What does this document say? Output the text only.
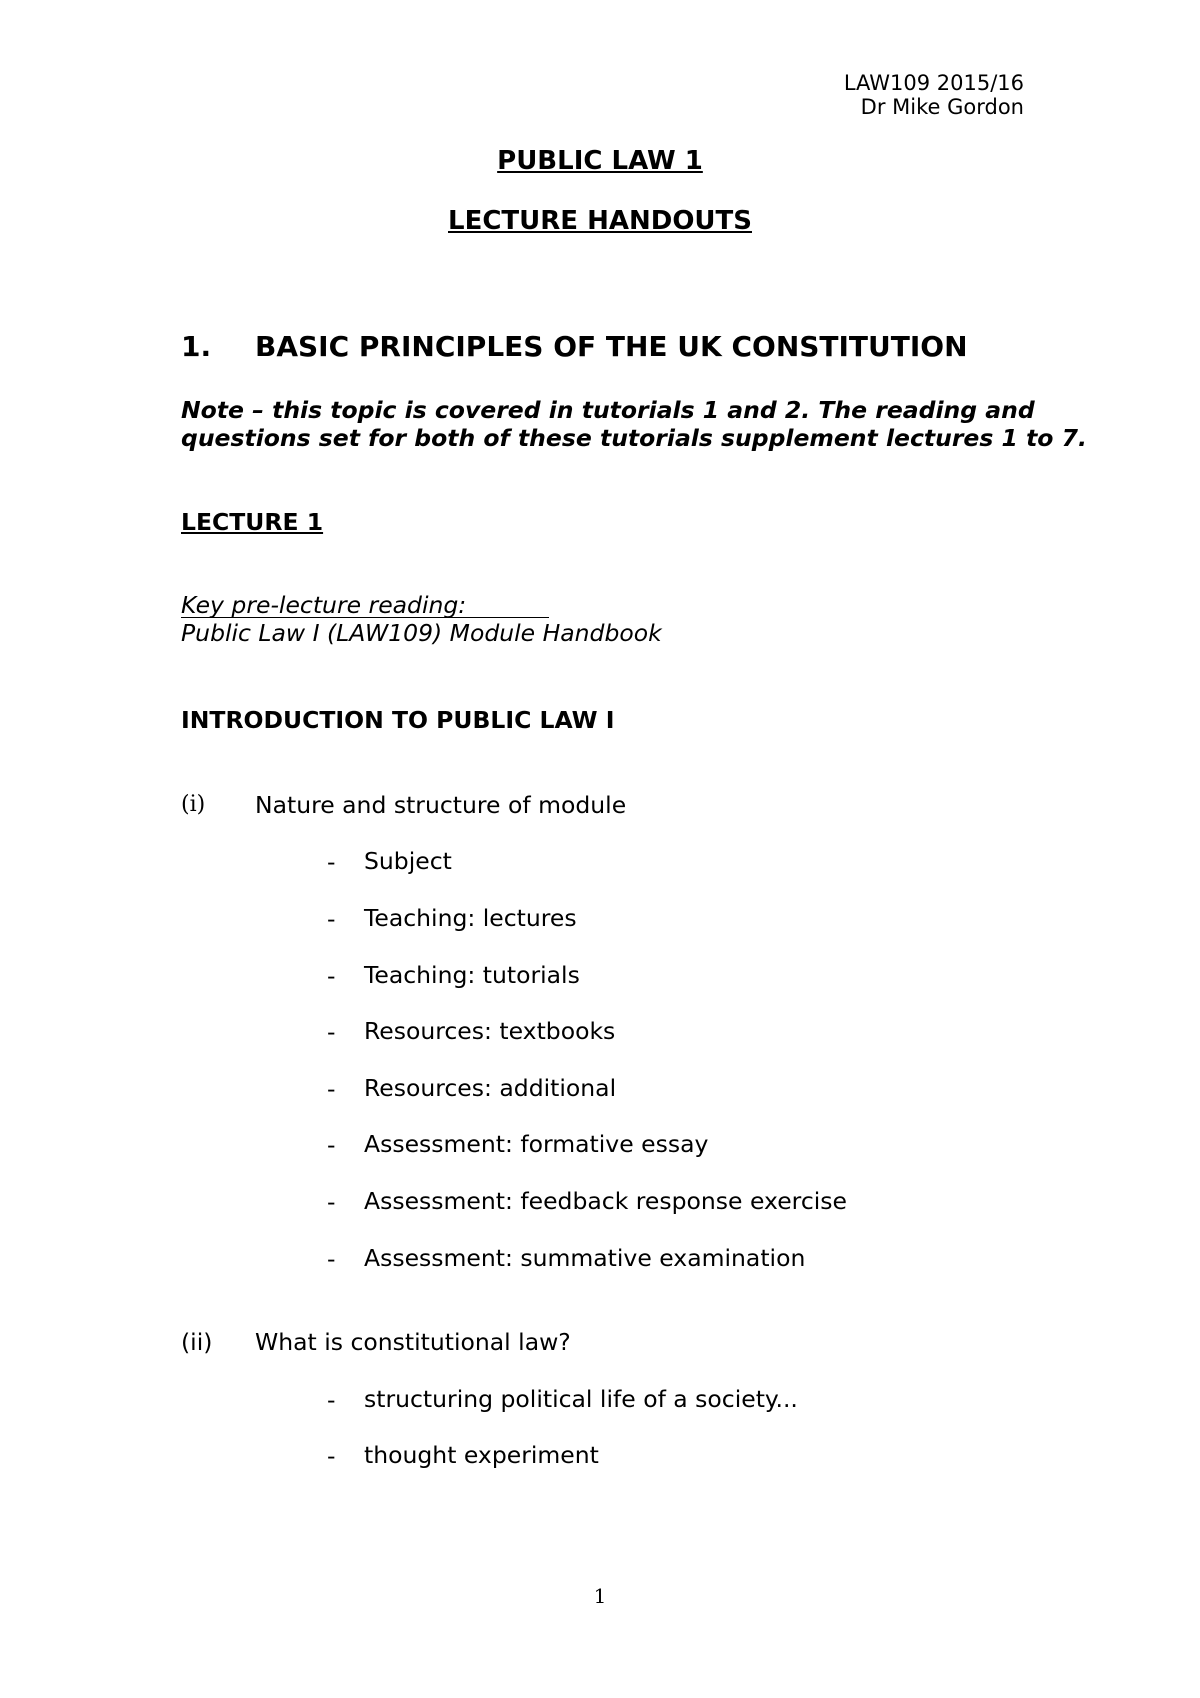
LAW109 2015/16
Dr Mike Gordon
PUBLIC LAW 1
LECTURE HANDOUTS
1. BASIC PRINCIPLES OF THE UK CONSTITUTION
Note – this topic is covered in tutorials 1 and 2. The reading and
questions set for both of these tutorials supplement lectures 1 to 7.
LECTURE 1
Key pre-lecture reading:
Public Law I (LAW109) Module Handbook
INTRODUCTION TO PUBLIC LAW I
(i) Nature and structure of module
- Subject
- Teaching: lectures
- Teaching: tutorials
- Resources: textbooks
- Resources: additional
- Assessment: formative essay
- Assessment: feedback response exercise
- Assessment: summative examination
(ii) What is constitutional law?
- structuring political life of a society...
- thought experiment
1
